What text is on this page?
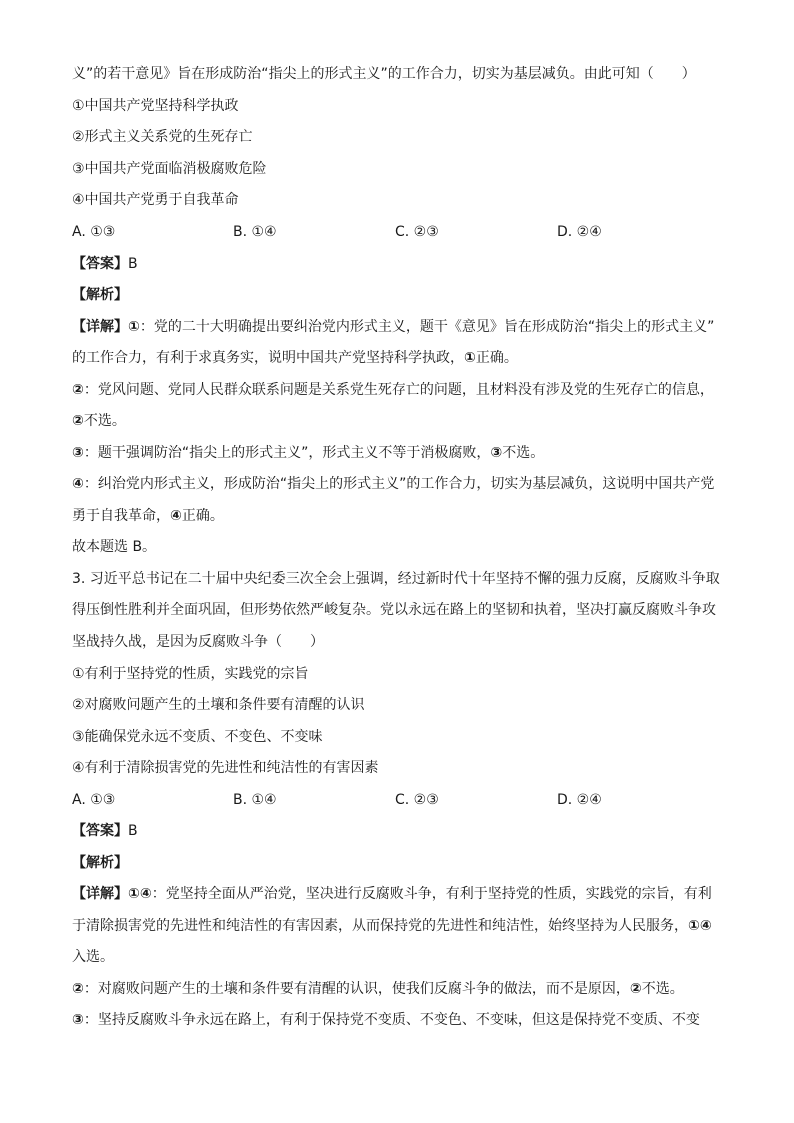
义”的若干意见》旨在形成防治“指尖上的形式主义”的工作合力，切实为基层减负。由此可知（　　）
①中国共产党坚持科学执政
②形式主义关系党的生死存亡
③中国共产党面临消极腐败危险
④中国共产党勇于自我革命
A. ①③	B. ①④	C. ②③	D. ②④
【答案】B
【解析】
【详解】①：党的二十大明确提出要纠治党内形式主义，题干《意见》旨在形成防治“指尖上的形式主义”
的工作合力，有利于求真务实，说明中国共产党坚持科学执政，①正确。
②：党风问题、党同人民群众联系问题是关系党生死存亡的问题，且材料没有涉及党的生死存亡的信息，
②不选。
③：题干强调防治“指尖上的形式主义”，形式主义不等于消极腐败，③不选。
④：纠治党内形式主义，形成防治“指尖上的形式主义”的工作合力，切实为基层减负，这说明中国共产党
勇于自我革命，④正确。
故本题选 B。
3. 习近平总书记在二十届中央纪委三次全会上强调，经过新时代十年坚持不懈的强力反腐，反腐败斗争取
得压倒性胜利并全面巩固，但形势依然严峻复杂。党以永远在路上的坚韧和执着，坚决打赢反腐败斗争攻
坚战持久战，是因为反腐败斗争（　　）
①有利于坚持党的性质，实践党的宗旨
②对腐败问题产生的土壤和条件要有清醒的认识
③能确保党永远不变质、不变色、不变味
④有利于清除损害党的先进性和纯洁性的有害因素
A. ①③	B. ①④	C. ②③	D. ②④
【答案】B
【解析】
【详解】①④：党坚持全面从严治党，坚决进行反腐败斗争，有利于坚持党的性质，实践党的宗旨，有利
于清除损害党的先进性和纯洁性的有害因素，从而保持党的先进性和纯洁性，始终坚持为人民服务，①④
入选。
②：对腐败问题产生的土壤和条件要有清醒的认识，使我们反腐斗争的做法，而不是原因，②不选。
③：坚持反腐败斗争永远在路上，有利于保持党不变质、不变色、不变味，但这是保持党不变质、不变
